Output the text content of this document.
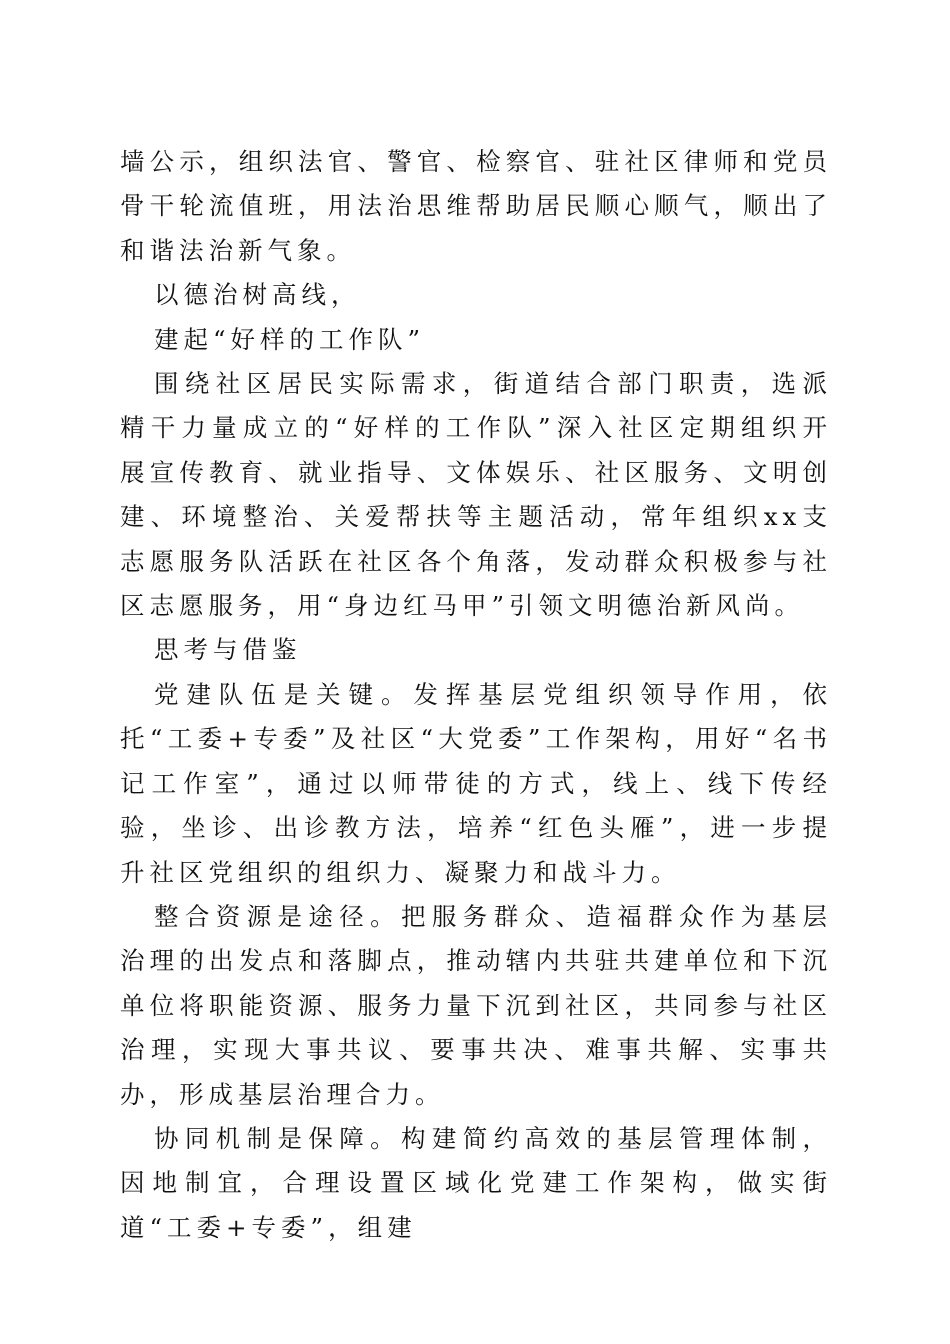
墙公示，组织法官、警官、检察官、驻社区律师和党员骨干轮流值班，用法治思维帮助居民顺心顺气，顺出了和谐法治新气象。

以德治树高线，

建起“好样的工作队”

围绕社区居民实际需求，街道结合部门职责，选派精干力量成立的“好样的工作队”深入社区定期组织开展宣传教育、就业指导、文体娱乐、社区服务、文明创建、环境整治、关爱帮扶等主题活动，常年组织xx支志愿服务队活跃在社区各个角落，发动群众积极参与社区志愿服务，用“身边红马甲”引领文明德治新风尚。

思考与借鉴

党建队伍是关键。发挥基层党组织领导作用，依托“工委+专委”及社区“大党委”工作架构，用好“名书记工作室”，通过以师带徒的方式，线上、线下传经验，坐诊、出诊教方法，培养“红色头雁”，进一步提升社区党组织的组织力、凝聚力和战斗力。

整合资源是途径。把服务群众、造福群众作为基层治理的出发点和落脚点，推动辖内共驻共建单位和下沉单位将职能资源、服务力量下沉到社区，共同参与社区治理，实现大事共议、要事共决、难事共解、实事共办，形成基层治理合力。

协同机制是保障。构建简约高效的基层管理体制，因地制宜，合理设置区域化党建工作架构，做实街道“工委+专委”，组建
